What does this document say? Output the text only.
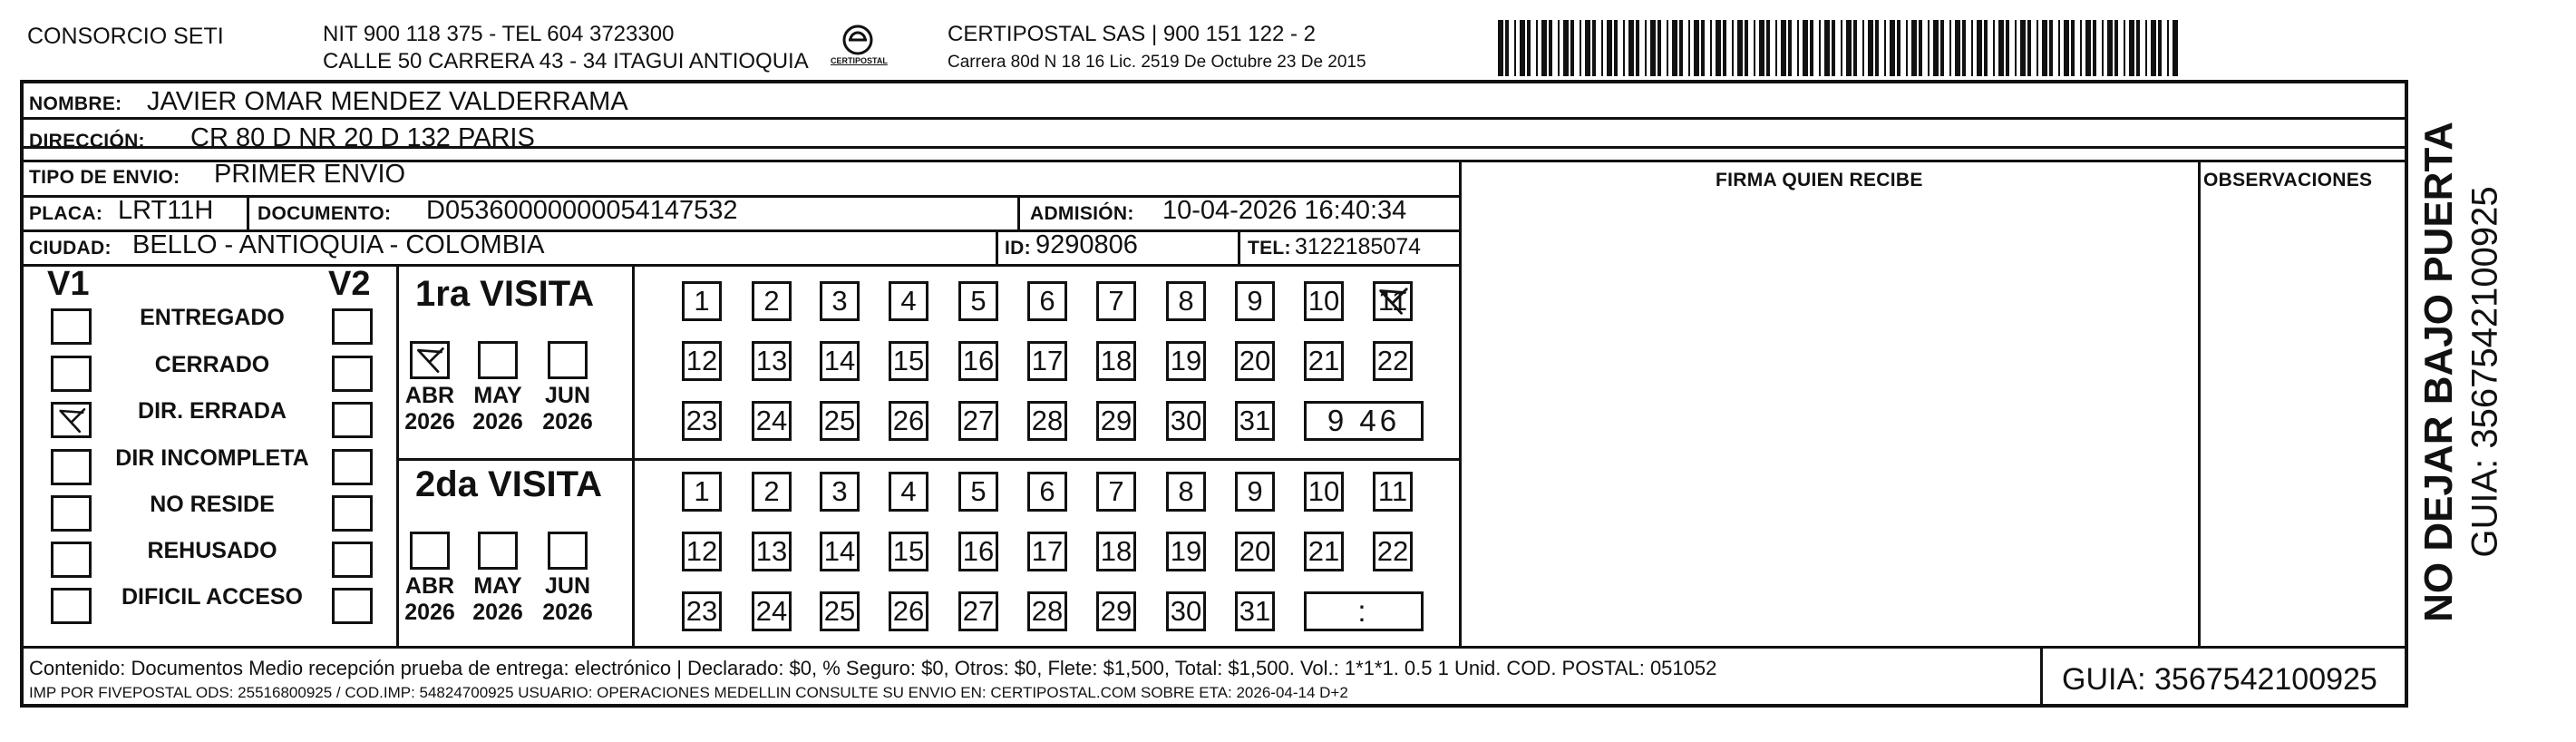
CONSORCIO SETI	NIT 900 118 375 - TEL 604 3723300
CALLE 50 CARRERA 43 - 34 ITAGUI ANTIOQUIA	CERTIPOSTAL
CERTIPOSTAL SAS | 900 151 122 - 2
Carrera 80d N 18 16 Lic. 2519 De Octubre 23 De 2015
NOMBRE: JAVIER OMAR MENDEZ VALDERRAMA
DIRECCIÓN: CR 80 D NR 20 D 132 PARIS
TIPO DE ENVIO: PRIMER ENVIO	FIRMA QUIEN RECIBE	OBSERVACIONES
PLACA: LRT11H DOCUMENTO: D05360000000054147532	ADMISIÓN: 10-04-2026 16:40:34
CIUDAD: BELLO - ANTIOQUIA - COLOMBIA	ID: 9290806	TEL: 3122185074
V1	V2
ENTREGADO
CERRADO
DIR. ERRADA
DIR INCOMPLETA
NO RESIDE
REHUSADO
DIFICIL ACCESO
1ra VISITA
2da VISITA
ABR
2026
MAY
2026
JUN
2026
1 2 3 4 5 6 7 8 9 10 11
12 13 14 15 16 17 18 19 20 21 22
23 24 25 26 27 28 29 30 31 9 46
ABR
2026
MAY
2026
JUN
2026
1 2 3 4 5 6 7 8 9 10 11
12 13 14 15 16 17 18 19 20 21 22
23 24 25 26 27 28 29 30 31	:
Contenido: Documentos Medio recepción prueba de entrega: electrónico | Declarado: $0, % Seguro: $0, Otros: $0, Flete: $1,500, Total: $1,500. Vol.: 1*1*1. 0.5 1 Unid. COD. POSTAL: 051052
IMP POR FIVEPOSTAL ODS: 25516800925 / COD.IMP: 54824700925 USUARIO: OPERACIONES MEDELLIN CONSULTE SU ENVIO EN: CERTIPOSTAL.COM SOBRE ETA: 2026-04-14 D+2	GUIA: 3567542100925
NO DEJAR BAJO PUERTA GUIA: 3567542100925
